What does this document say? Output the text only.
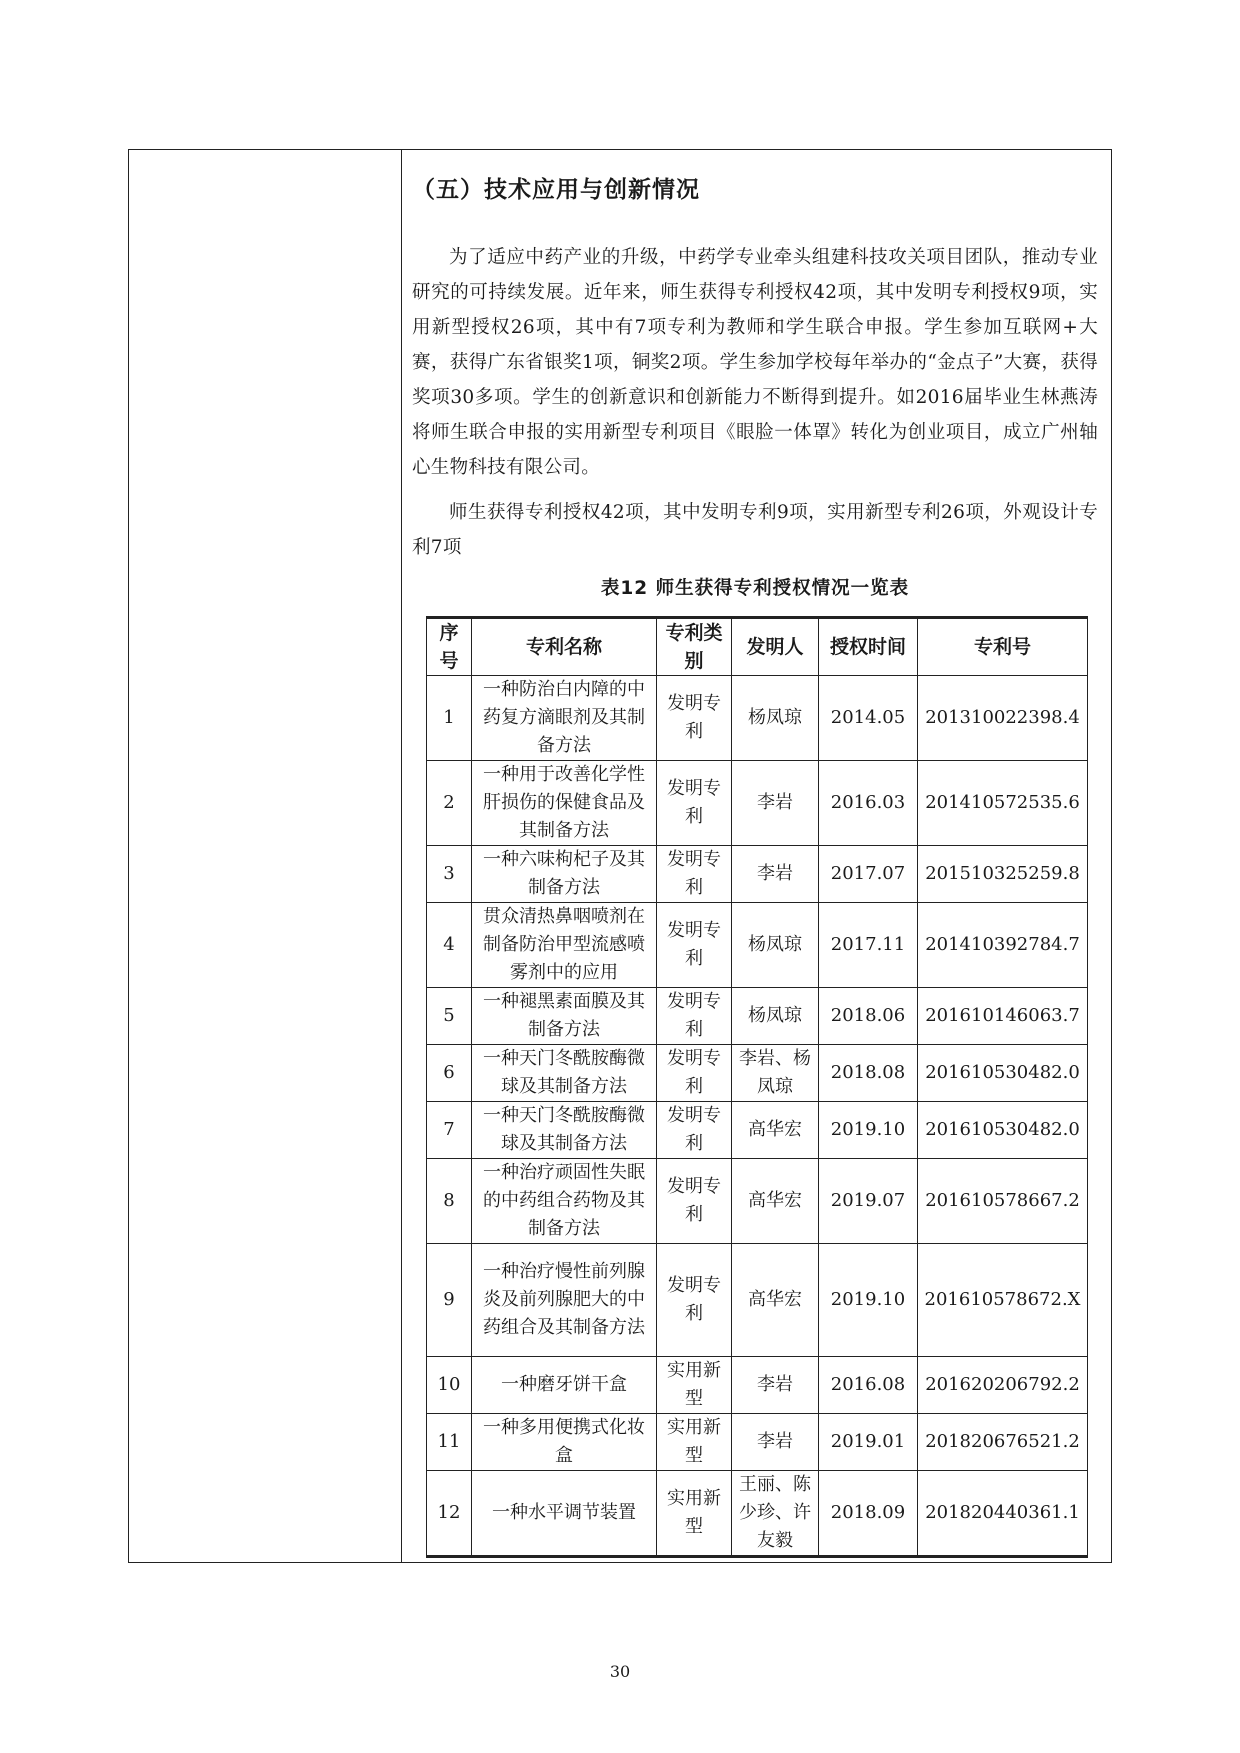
（五）技术应用与创新情况

为了适应中药产业的升级，中药学专业牵头组建科技攻关项目团队，推动专业研究的可持续发展。近年来，师生获得专利授权42项，其中发明专利授权9项，实用新型授权26项，其中有7项专利为教师和学生联合申报。学生参加互联网+大赛，获得广东省银奖1项，铜奖2项。学生参加学校每年举办的“金点子”大赛，获得奖项30多项。学生的创新意识和创新能力不断得到提升。如2016届毕业生林燕涛将师生联合申报的实用新型专利项目《眼脸一体罩》转化为创业项目，成立广州轴心生物科技有限公司。

师生获得专利授权42项，其中发明专利9项，实用新型专利26项，外观设计专利7项

表12 师生获得专利授权情况一览表

序号	专利名称	专利类别	发明人	授权时间	专利号
1	一种防治白内障的中药复方滴眼剂及其制备方法	发明专利	杨凤琼	2014.05	201310022398.4
2	一种用于改善化学性肝损伤的保健食品及其制备方法	发明专利	李岩	2016.03	201410572535.6
3	一种六味枸杞子及其制备方法	发明专利	李岩	2017.07	201510325259.8
4	贯众清热鼻咽喷剂在制备防治甲型流感喷雾剂中的应用	发明专利	杨凤琼	2017.11	201410392784.7
5	一种褪黑素面膜及其制备方法	发明专利	杨凤琼	2018.06	201610146063.7
6	一种天门冬酰胺酶微球及其制备方法	发明专利	李岩、杨凤琼	2018.08	201610530482.0
7	一种天门冬酰胺酶微球及其制备方法	发明专利	高华宏	2019.10	201610530482.0
8	一种治疗顽固性失眠的中药组合药物及其制备方法	发明专利	高华宏	2019.07	201610578667.2
9	一种治疗慢性前列腺炎及前列腺肥大的中药组合及其制备方法	发明专利	高华宏	2019.10	201610578672.X
10	一种磨牙饼干盒	实用新型	李岩	2016.08	201620206792.2
11	一种多用便携式化妆盒	实用新型	李岩	2019.01	201820676521.2
12	一种水平调节装置	实用新型	王丽、陈少珍、许友毅	2018.09	201820440361.1
30
